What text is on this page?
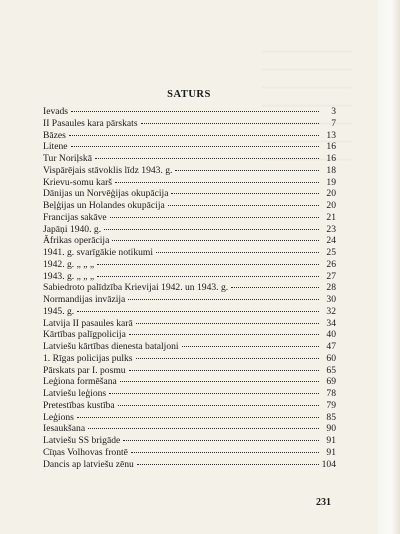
SATURS
Ievads	3
II Pasaules kara pārskats	7
Bāzes	13
Litene	16
Tur Noriļskā	16
Vispārējais stāvoklis līdz 1943. g.	18
Krievu-somu karš	19
Dānijas un Norvēģijas okupācija	20
Beļģijas un Holandes okupācija	20
Francijas sakāve	21
Japāņi 1940. g.	23
Āfrikas operācija	24
1941. g. svarīgākie notikumi	25
1942. g. „ „ „	26
1943. g. „ „ „	27
Sabiedroto palīdzība Krievijai 1942. un 1943. g.	28
Normandijas invāzija	30
1945. g.	32
Latvija II pasaules karā	34
Kārtības palīgpolicija	40
Latviešu kārtības dienesta bataljoni	47
1. Rīgas policijas pulks	60
Pārskats par I. posmu	65
Leģiona formēšana	69
Latviešu leģions	78
Pretestības kustība	79
Leģions	85
Iesaukšana	90
Latviešu SS brigāde	91
Cīņas Volhovas frontē	91
Dancis ap latviešu zēnu	104
231
